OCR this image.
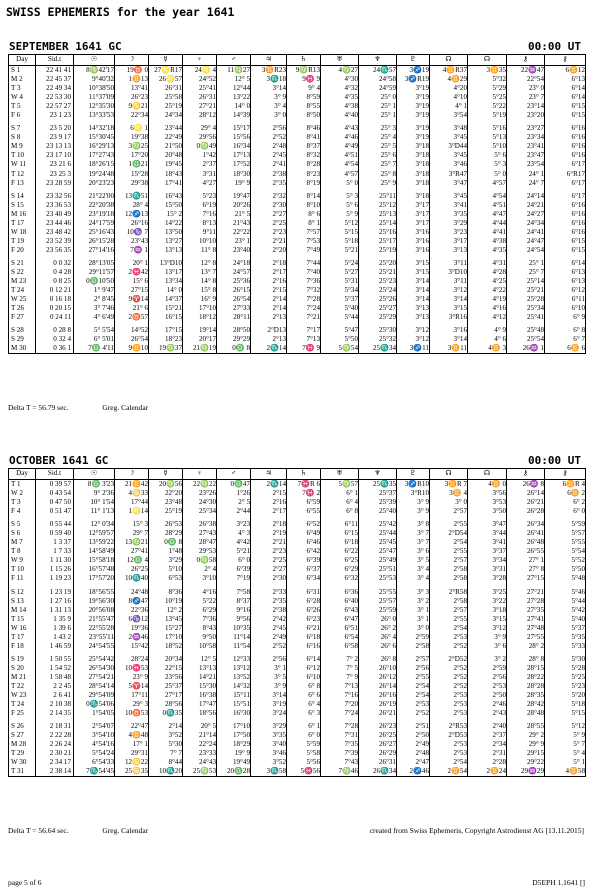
SWISS EPHEMERIS for the year 1641
SEPTEMBER 1641 GC	00:00 UT
Day	Sid.t	☉	☽	☿	♀	♂	♃	♄	♅	♆	♇	☊	☊	⚷	⚷
S 1	22 41 41	8♍42'17	19♉ 0	27♌R17	24♌ 4	11♍27	3♊R23	9♍R13	4♍27	24♏57	3♐19	4♊R37	3♊35	22♒47	6♊12
M 2	22 45 37	9°40'32	1♊13	26♌57	24°52	12° 5	3♏18	9♓ 9	4°30	24°58	3♐R19	4♊29	5°32	22°54	6°13
T 3	22 49 34	10°38'50	13°41	26°31	25°41	12°44	3°14	9° 4	4°32	24°59	3°19	4°20	5°29	23° 0	6°14
W 4	22 53 30	11°37'09	26°23	25°58	26°31	13°22	3° 9	8°59	4°35	25° 0	3°19	4°10	5°25	23° 7	6°14
T 5	22 57 27	12°35'30	9♋21	25°19	27°21	14° 0	3° 4	8°55	4°38	25° 1	3°19	4° 1	5°22	23°14	6°15
F 6	23 1 23	13°33'53	22°34	24°34	28°12	14°39	3° 0	8°50	4°40	25° 1	3°19	3°54	5°19	23°20	6°15
S 7	23 5 20	14°32'18	6♌ 1	23°44	29° 4	15°17	2°56	8°46	4°43	25° 3	3°19	3°48	5°16	23°27	6°16
S 8	23 9 17	15°30'45	19°38	22°49	29°56	15°56	2°52	8°41	4°46	25° 4	3°19	3°45	5°13	23°34	6°16
M 9	23 13 13	16°29'13	3♍25	21°50	0♍49	16°34	2°48	8°37	4°49	25° 5	3°18	3°D44	5°10	23°41	6°16
T 10	23 17 10	17°27'43	17°20	20°48	1°42	17°13	2°45	8°32	4°51	25° 6	3°18	3°45	5° 6	23°47	6°16
W 11	23 21 6	18°26'15	1♎21	19°45	2°37	17°52	2°41	8°28	4°54	25° 7	3°18	3°46	5° 3	23°54	6°17
T 12	23 25 3	19°24'48	15°28	18°43	3°31	18°30	2°38	8°23	4°57	25° 8	3°18	3°R47	5° 0	24° 1	6°R17
F 13	23 28 59	20°23'23	29°38	17°41	4°27	19° 9	2°35	8°19	5° 0	25° 9	3°18	3°47	4°57	24° 7	6°17
S 14	23 32 56	21°22'00	13♏51	16°43	5°23	19°47	2°32	8°14	5° 3	25°11	3°18	3°45	4°54	24°14	6°17
S 15	23 36 53	22°20'38	28° 4	15°50	6°19	20°26	2°30	8°10	5° 6	25°12	3°17	3°41	4°51	24°21	6°16
M 16	23 40 49	23°19'18	12♐13	15° 2	7°16	21° 5	2°27	8° 6	5° 9	25°13	3°17	3°35	4°47	24°27	6°16
T 17	23 44 46	24°17'59	26°16	14°22	8°13	21°43	2°25	8° 1	5°12	25°14	3°17	3°29	4°44	24°34	6°16
W 18	23 48 42	25°16'43	10♑ 7	13°50	9°11	22°22	2°23	7°57	5°15	25°16	3°16	3°23	4°41	24°41	6°16
T 19	23 52 39	26°15'28	23°43	13°27	10°10	23° 1	2°21	7°53	5°18	25°17	3°16	3°17	4°38	24°47	6°15
F 20	23 56 35	27°14'16	7♒ 1	13°13	11° 8	23°40	2°20	7°49	5°21	25°19	3°16	3°13	4°35	24°54	6°15
S 21	0 0 32	28°13'05	20° 1	13°D10	12° 8	24°18	2°18	7°44	5°24	25°20	3°15	3°11	4°31	25° 1	6°14
S 22	0 4 28	29°11'57	2♓42	13°17	13° 7	24°57	2°17	7°40	5°27	25°21	3°15	3°D10	4°28	25° 7	6°13
M 23	0 8 25	0♎10'50	15° 6	13°34	14° 8	25°36	2°16	7°36	5°31	25°23	3°14	3°11	4°25	25°14	6°13
T 24	0 12 21	1° 9'47	27°15	14° 0	15° 8	26°15	2°15	7°32	5°34	25°24	3°14	3°12	4°22	25°21	6°12
W 25	0 16 18	2° 8'45	9♈14	14°37	16° 9	26°54	2°14	7°28	5°37	25°26	3°14	3°14	4°19	25°28	6°11
T 26	0 20 15	3° 7'46	21° 6	15°21	17°10	27°33	2°14	7°24	5°40	25°27	3°13	3°15	4°16	25°34	6°10
F 27	0 24 11	4° 6'49	2♉57	16°15	18°12	28°11	2°13	7°21	5°44	25°29	3°13	3°R16	4°12	25°41	6° 9
S 28	0 28 8	5° 5'54	14°52	17°15	19°14	28°50	2°D13	7°17	5°47	25°30	3°12	3°16	4° 9	25°48	6° 8
S 29	0 32 4	6° 5'01	26°54	18°23	20°17	29°29	2°13	7°13	5°50	25°32	3°12	3°14	4° 6	25°54	6° 7
M 30	0 36 1	7♎ 4'11	9♊10	19♍37	21♍19	0♎ 8	2♏14	7♓ 9	5♍54	25♏34	3♐11	3♊11	4♊ 3	26♒ 1	6♊ 6
Delta T = 56.79 sec.	Greg. Calendar
OCTOBER 1641 GC	00:00 UT
Day	Sid.t	☉	☽	☿	♀	♂	♃	♄	♅	♆	♇	☊	☊	⚷	⚷
T 1	0 39 57	8♎ 3'23	21♊42	20♍56	22♍22	0♎47	2♏14	7♓R 6	5♍57	25♏35	3♐R10	3♊R 7	4♊ 0	26♒ 8	6♊R 4
W 2	0 43 54	9° 2'36	4♋33	22°20	23°26	1°26	2°15	7♓ 2	6° 1	25°37	3°R10	3♊ 4	3°56	26°14	6♊ 2
T 3	0 47 50	10° 1'54	17°44	23°48	24°30	2° 5	2°16	6°59	6° 4	25°39	3° 9	3° 0	3°53	26°21	6° 2
F 4	0 51 47	11° 1'13	1♌14	25°19	25°34	2°44	2°17	6°55	6° 8	25°40	3° 9	2°57	3°50	26°28	6° 0
S 5	0 55 44	12° 0'34	15° 3	26°53	26°38	3°23	2°18	6°52	6°11	25°42	3° 8	2°55	3°47	26°34	5°59
S 6	0 59 40	12°59'57	29° 7	28°29	27°43	4° 3	2°19	6°49	6°15	25°44	3° 7	2°D54	3°44	26°41	5°57
M 7	1 3 37	13°59'22	13♍21	0♎ 8	28°47	4°42	2°21	6°46	6°18	25°45	3° 7	2°54	3°41	26°48	5°55
T 8	1 7 33	14°58'49	27°41	1°48	29°53	5°21	2°23	6°42	6°22	25°47	3° 6	2°55	3°37	26°55	5°54
W 9	1 11 30	15°58'18	12♎ 4	3°29	0♍58	6° 0	2°25	6°39	6°25	25°49	3° 5	2°57	3°34	27° 1	5°52
T 10	1 15 26	16°57'48	26°25	5°10	2° 4	6°39	2°27	6°37	6°29	25°51	3° 4	2°58	3°31	27° 8	5°50
F 11	1 19 23	17°57'20	10♏40	6°53	3°10	7°19	2°30	6°34	6°32	25°53	3° 4	2°58	3°28	27°15	5°48
S 12	1 23 19	18°56'55	24°48	8°36	4°16	7°58	2°33	6°31	6°36	25°55	3° 3	2°R58	3°25	27°21	5°46
S 13	1 27 16	19°56'30	8♐47	10°19	5°22	8°37	2°35	6°28	6°40	25°57	3° 2	2°58	3°22	27°28	5°44
M 14	1 31 13	20°56'08	22°36	12° 2	6°29	9°16	2°38	6°26	6°43	25°59	3° 1	2°57	3°18	27°35	5°42
T 15	1 35 9	21°55'47	6♑12	13°45	7°36	9°56	2°42	6°23	6°47	26° 0	3° 1	2°55	3°15	27°41	5°40
W 16	1 39 6	22°55'28	19°36	15°27	8°43	10°35	2°45	6°21	6°51	26° 2	3° 0	2°54	3°12	27°48	5°37
T 17	1 43 2	23°55'11	2♒46	17°10	9°50	11°14	2°49	6°18	6°54	26° 4	2°59	2°53	3° 9	27°55	5°35
F 18	1 46 59	24°54'55	15°42	18°52	10°58	11°54	2°52	6°16	6°58	26° 6	2°58	2°52	3° 6	28° 2	5°33
S 19	1 50 55	25°54'42	28°24	20°34	12° 5	12°33	2°56	6°14	7° 2	26° 8	2°57	2°D52	3° 2	28° 8	5°30
S 20	1 54 52	26°54'30	10♓53	22°15	13°13	13°12	3° 1	6°12	7° 5	26°10	2°56	2°52	2°59	28°15	5°28
M 21	1 58 48	27°54'21	23° 9	23°56	14°21	13°52	3° 5	6°10	7° 9	26°12	2°55	2°52	2°56	28°22	5°25
T 22	2 2 45	28°54'14	5♈14	25°37	15°30	14°32	3° 9	6° 8	7°13	26°14	2°54	2°52	2°53	28°28	5°23
W 23	2 6 41	29°54'09	17°11	27°17	16°38	15°11	3°14	6° 6	7°16	26°16	2°54	2°53	2°50	28°35	5°20
T 24	2 10 38	0♏54'06	29° 3	28°56	17°47	15°51	3°19	6° 4	7°20	26°19	2°53	2°53	2°46	28°42	5°18
F 25	2 14 35	1°54'05	10♉53	0♏35	18°56	16°30	3°24	6° 3	7°24	26°21	2°52	2°53	2°43	28°48	5°15
S 26	2 18 31	2°54'07	22°47	2°14	20° 5	17°10	3°29	6° 1	7°28	26°23	2°51	2°R53	2°40	28°55	5°12
S 27	2 22 28	3°54'10	4♊48	3°52	21°14	17°50	3°35	6° 0	7°31	26°25	2°50	2°D53	2°37	29° 2	5° 9
M 28	2 26 24	4°54'16	17° 1	5°30	22°24	18°29	3°40	5°59	7°35	26°27	2°49	2°53	2°34	29° 9	5° 7
T 29	2 30 21	5°54'24	29°31	7° 7	23°33	19° 9	3°46	5°58	7°39	26°29	2°48	2°53	2°31	29°15	5° 4
W 30	2 34 17	6°54'33	12♋22	8°44	24°43	19°49	3°52	5°56	7°43	26°31	2°47	2°54	2°28	29°22	5° 1
T 31	2 38 14	7♏54'45	25♋35	10♏20	25♍53	20♎28	3♏58	5♓56	7♍46	26♏34	2♐46	2♊54	2♊24	29♒29	4♊58
Delta T = 56.64 sec.	Greg. Calendar	created from Swiss Ephemeris, Copyright Astrodienst AG [13.11.2015]
page 5 of 6	D5EPH 1.1641 []
